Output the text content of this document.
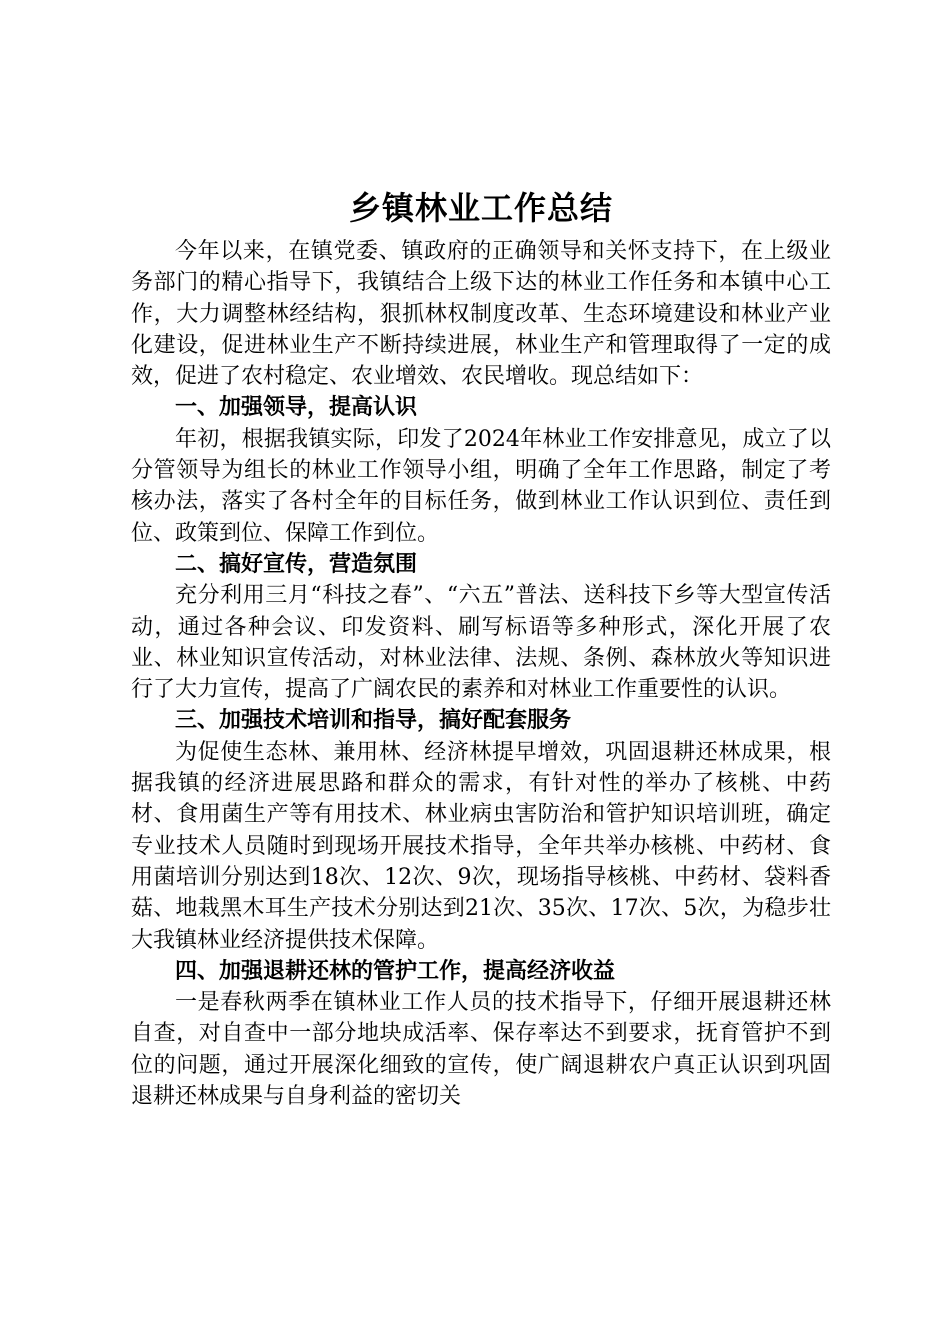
乡镇林业工作总结

今年以来，在镇党委、镇政府的正确领导和关怀支持下，在上级业务部门的精心指导下，我镇结合上级下达的林业工作任务和本镇中心工作，大力调整林经结构，狠抓林权制度改革、生态环境建设和林业产业化建设，促进林业生产不断持续进展，林业生产和管理取得了一定的成效，促进了农村稳定、农业增效、农民增收。现总结如下：

一、加强领导，提高认识

年初，根据我镇实际，印发了2024年林业工作安排意见，成立了以分管领导为组长的林业工作领导小组，明确了全年工作思路，制定了考核办法，落实了各村全年的目标任务，做到林业工作认识到位、责任到位、政策到位、保障工作到位。

二、搞好宣传，营造氛围

充分利用三月“科技之春”、“六五”普法、送科技下乡等大型宣传活动，通过各种会议、印发资料、刷写标语等多种形式，深化开展了农业、林业知识宣传活动，对林业法律、法规、条例、森林放火等知识进行了大力宣传，提高了广阔农民的素养和对林业工作重要性的认识。

三、加强技术培训和指导，搞好配套服务

为促使生态林、兼用林、经济林提早增效，巩固退耕还林成果，根据我镇的经济进展思路和群众的需求，有针对性的举办了核桃、中药材、食用菌生产等有用技术、林业病虫害防治和管护知识培训班，确定专业技术人员随时到现场开展技术指导，全年共举办核桃、中药材、食用菌培训分别达到18次、12次、9次，现场指导核桃、中药材、袋料香菇、地栽黑木耳生产技术分别达到21次、35次、17次、5次，为稳步壮大我镇林业经济提供技术保障。

四、加强退耕还林的管护工作，提高经济收益

一是春秋两季在镇林业工作人员的技术指导下，仔细开展退耕还林自查，对自查中一部分地块成活率、保存率达不到要求，抚育管护不到位的问题，通过开展深化细致的宣传，使广阔退耕农户真正认识到巩固退耕还林成果与自身利益的密切关
